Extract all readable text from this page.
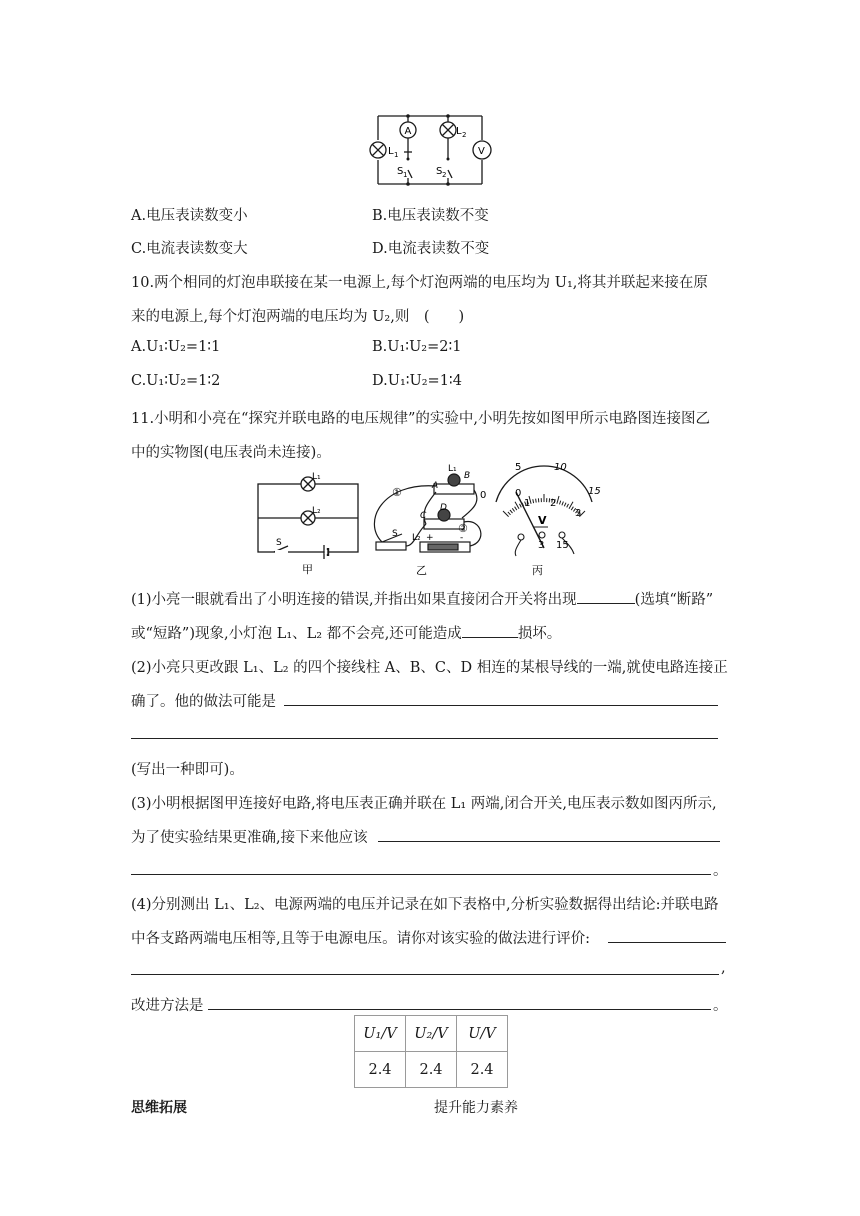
A
V
L 1
L 2
S 1	S 2
A.电压表读数变小	B.电压表读数不变
C.电流表读数变大	D.电流表读数不变
10.两个相同的灯泡串联接在某一电源上,每个灯泡两端的电压均为 U₁,将其并联起来接在原
来的电源上,每个灯泡两端的电压均为 U₂,则　(　　)
A.U₁∶U₂=1∶1	B.U₁∶U₂=2∶1
C.U₁∶U₂=1∶2	D.U₁∶U₂=1∶4
11.小明和小亮在“探究并联电路的电压规律”的实验中,小明先按如图甲所示电路图连接图乙
中的实物图(电压表尚未连接)。
L₁
L₂
S
甲
①
②
L₁
A
B
C
D
L₂
S	+	-
乙
0
1 2
3
0
5	10
15
V
3 15
丙
(1)小亮一眼就看出了小明连接的错误,并指出如果直接闭合开关将出现	(选填“断路”
或“短路”)现象,小灯泡 L₁、L₂ 都不会亮,还可能造成	损坏。
(2)小亮只更改跟 L₁、L₂ 的四个接线柱 A、B、C、D 相连的某根导线的一端,就使电路连接正
确了。他的做法可能是
(写出一种即可)。
(3)小明根据图甲连接好电路,将电压表正确并联在 L₁ 两端,闭合开关,电压表示数如图丙所示,
为了使实验结果更准确,接下来他应该
。
(4)分别测出 L₁、L₂、电源两端的电压并记录在如下表格中,分析实验数据得出结论:并联电路
中各支路两端电压相等,且等于电源电压。请你对该实验的做法进行评价:
,
改进方法是	。
U₁/V	U₂/V	U/V
2.4	2.4	2.4
思维拓展	提升能力素养
